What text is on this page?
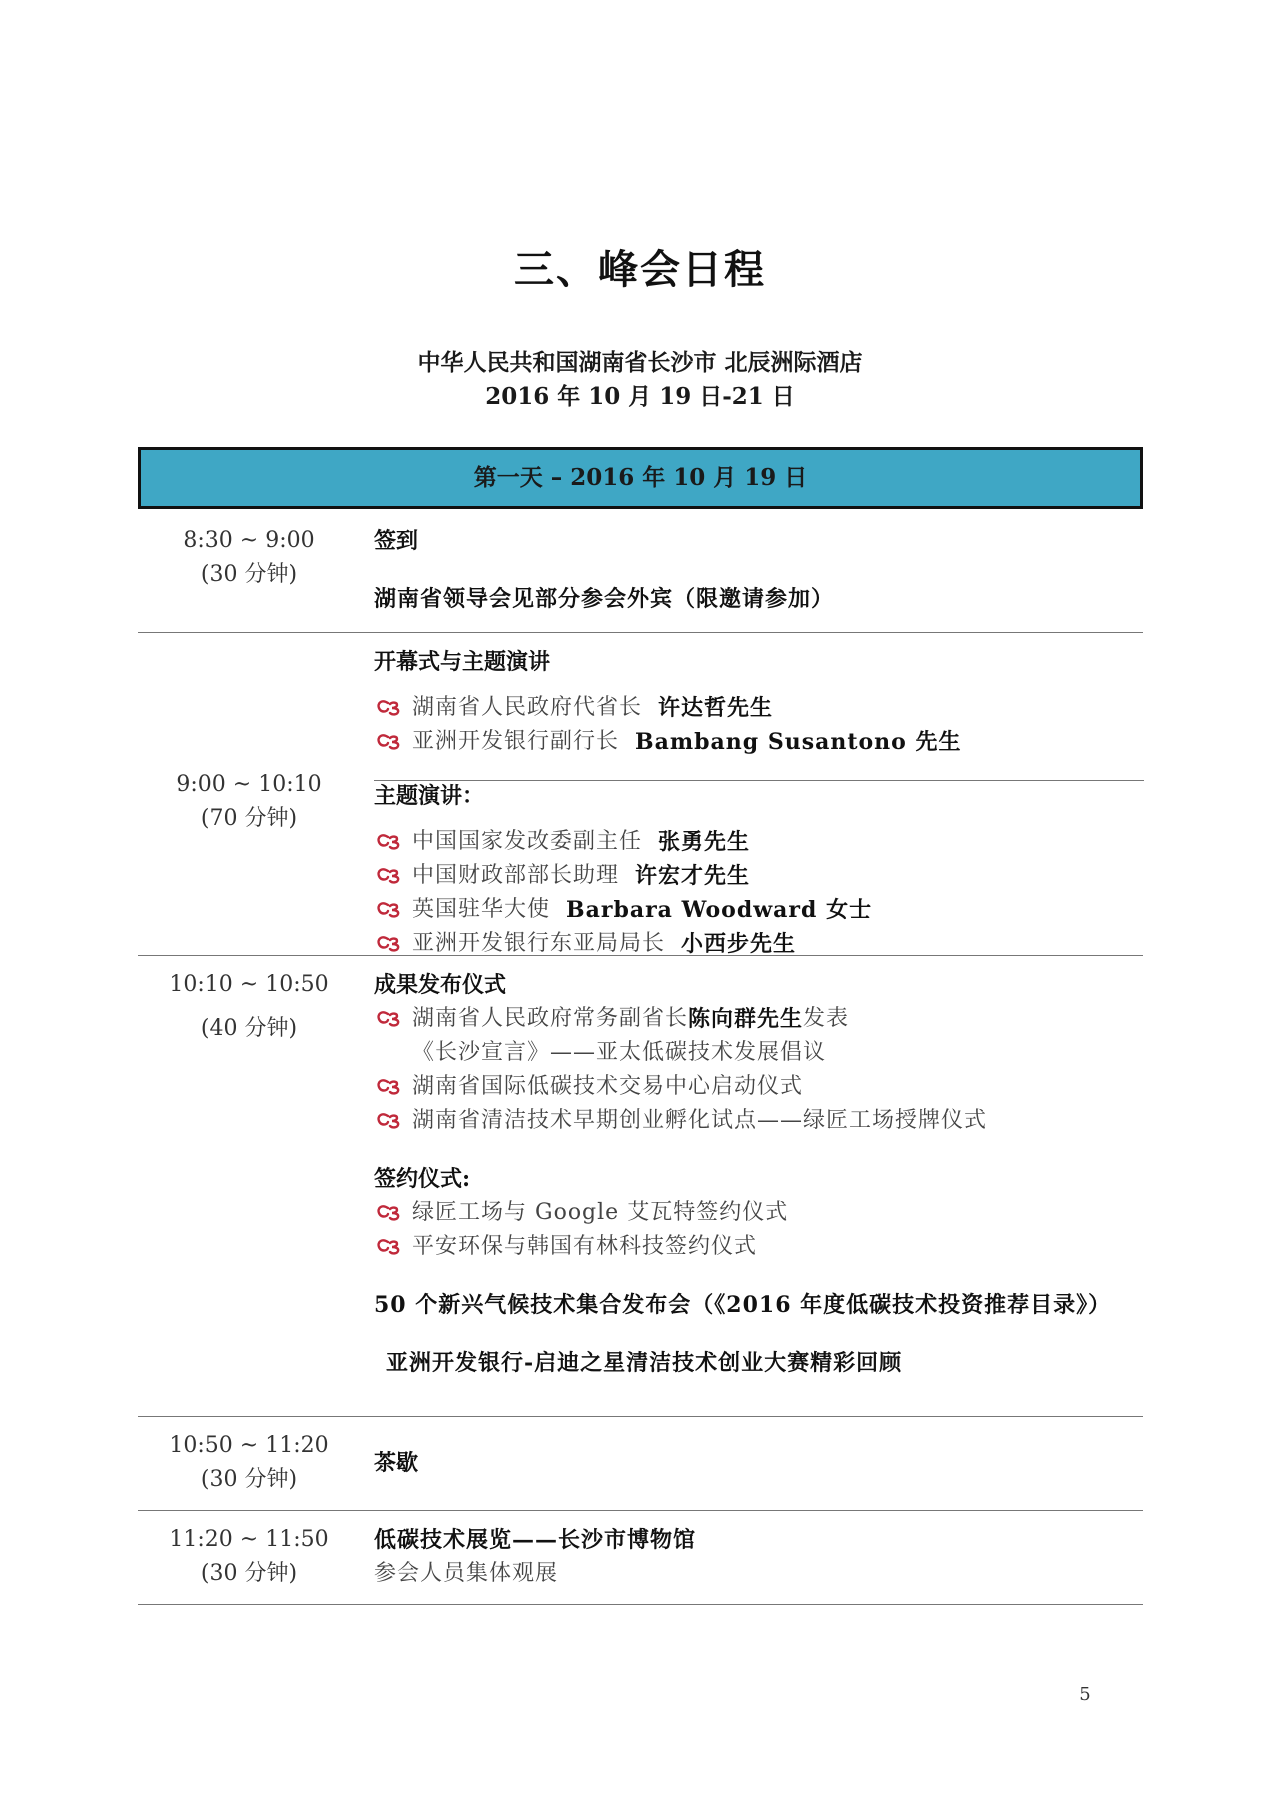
三、峰会日程
中华人民共和国湖南省长沙市 北辰洲际酒店
2016 年 10 月 19 日-21 日
第一天 – 2016 年 10 月 19 日
8:30 ~ 9:00
(30 分钟)
签到
湖南省领导会见部分参会外宾（限邀请参加）
9:00 ~ 10:10
(70 分钟)
开幕式与主题演讲
湖南省人民政府代省长
许达哲先生
亚洲开发银行副行长
Bambang Susantono 先生
主题演讲：
中国国家发改委副主任
张勇先生
中国财政部部长助理
许宏才先生
英国驻华大使
Barbara Woodward 女士
亚洲开发银行东亚局局长
小西步先生
10:10 ~ 10:50
(40 分钟)
成果发布仪式
湖南省人民政府常务副省长 陈向群先生 发表
《长沙宣言》——亚太低碳技术发展倡议
湖南省国际低碳技术交易中心启动仪式
湖南省清洁技术早期创业孵化试点——绿匠工场授牌仪式
签约仪式:
绿匠工场与 Google 艾瓦特签约仪式
平安环保与韩国有林科技签约仪式
50 个新兴气候技术集合发布会（《2016 年度低碳技术投资推荐目录》）
亚洲开发银行-启迪之星清洁技术创业大赛精彩回顾
10:50 ~ 11:20
(30 分钟)
茶歇
11:20 ~ 11:50
(30 分钟)
低碳技术展览——长沙市博物馆
参会人员集体观展
5
